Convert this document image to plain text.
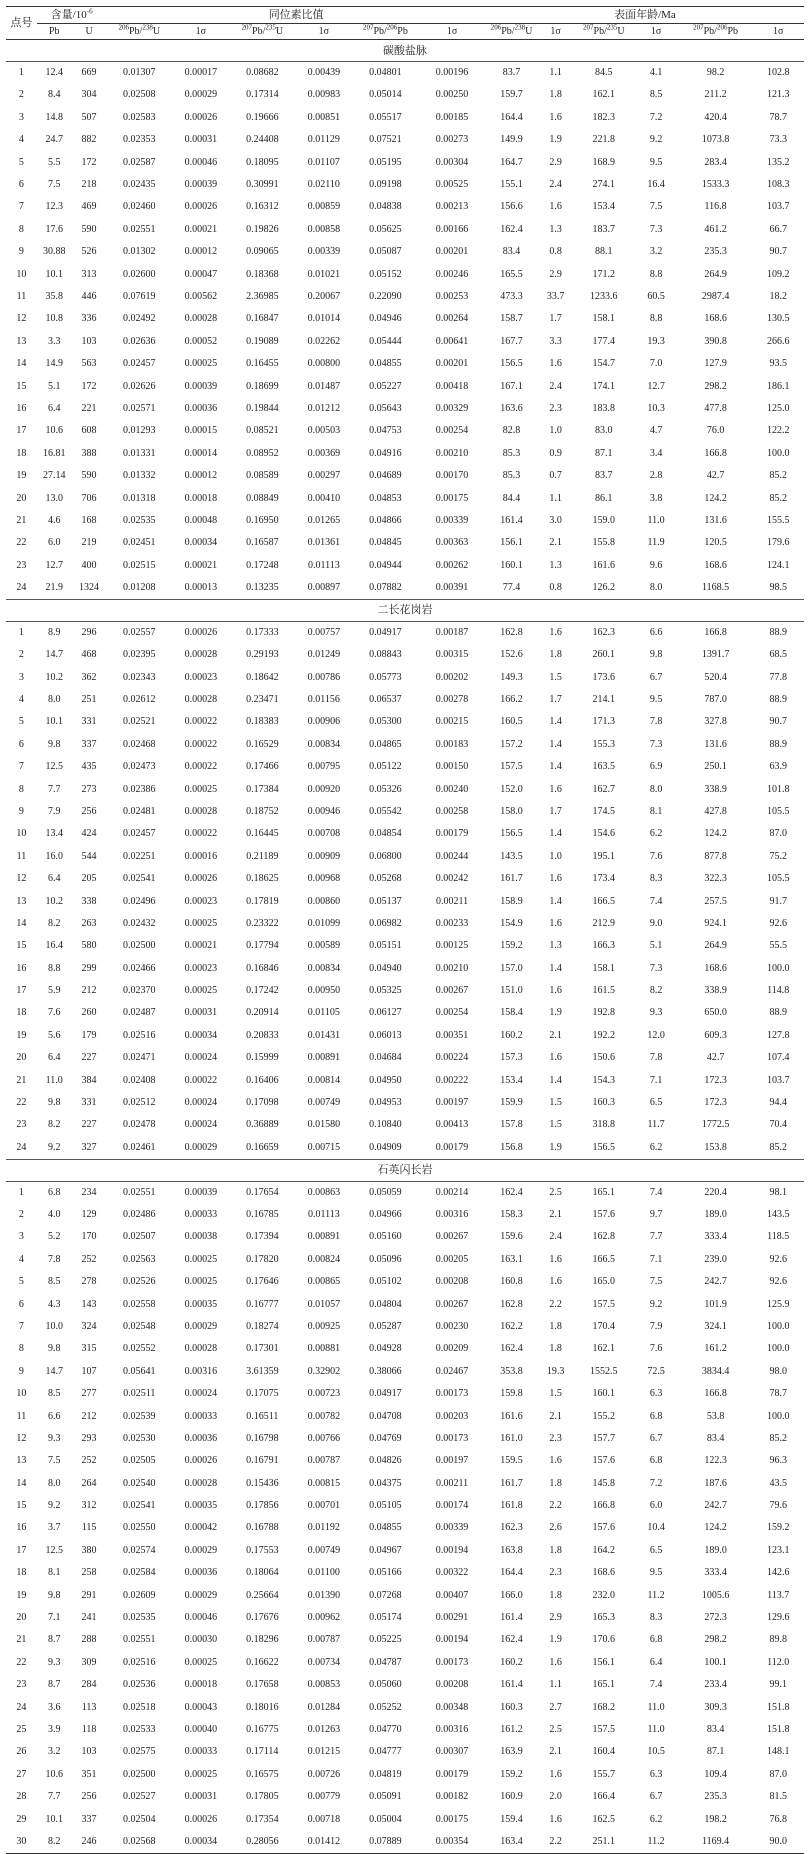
点号	含量$/10^{-6}$		同位素比值						表面年龄/Ma					
	Pb	U	$^{206}$Pb/$^{238}$U	1σ	$^{207}$Pb/$^{235}$U	1σ	$^{207}$Pb/$^{206}$Pb	1σ	$^{206}$Pb/$^{238}$U	1σ	$^{207}$Pb/$^{235}$U	1σ	$^{207}$Pb/$^{206}$Pb	1σ
碳酸盐脉														
1	12.4	669	0.01307	0.00017	0.08682	0.00439	0.04801	0.00196	83.7	1.1	84.5	4.1	98.2	102.8
2	8.4	304	0.02508	0.00029	0.17314	0.00983	0.05014	0.00250	159.7	1.8	162.1	8.5	211.2	121.3
3	14.8	507	0.02583	0.00026	0.19666	0.00851	0.05517	0.00185	164.4	1.6	182.3	7.2	420.4	78.7
4	24.7	882	0.02353	0.00031	0.24408	0.01129	0.07521	0.00273	149.9	1.9	221.8	9.2	1073.8	73.3
5	5.5	172	0.02587	0.00046	0.18095	0.01107	0.05195	0.00304	164.7	2.9	168.9	9.5	283.4	135.2
6	7.5	218	0.02435	0.00039	0.30991	0.02110	0.09198	0.00525	155.1	2.4	274.1	16.4	1533.3	108.3
7	12.3	469	0.02460	0.00026	0.16312	0.00859	0.04838	0.00213	156.6	1.6	153.4	7.5	116.8	103.7
8	17.6	590	0.02551	0.00021	0.19826	0.00858	0.05625	0.00166	162.4	1.3	183.7	7.3	461.2	66.7
9	30.88	526	0.01302	0.00012	0.09065	0.00339	0.05087	0.00201	83.4	0.8	88.1	3.2	235.3	90.7
10	10.1	313	0.02600	0.00047	0.18368	0.01021	0.05152	0.00246	165.5	2.9	171.2	8.8	264.9	109.2
11	35.8	446	0.07619	0.00562	2.36985	0.20067	0.22090	0.00253	473.3	33.7	1233.6	60.5	2987.4	18.2
12	10.8	336	0.02492	0.00028	0.16847	0.01014	0.04946	0.00264	158.7	1.7	158.1	8.8	168.6	130.5
13	3.3	103	0.02636	0.00052	0.19089	0.02262	0.05444	0.00641	167.7	3.3	177.4	19.3	390.8	266.6
14	14.9	563	0.02457	0.00025	0.16455	0.00800	0.04855	0.00201	156.5	1.6	154.7	7.0	127.9	93.5
15	5.1	172	0.02626	0.00039	0.18699	0.01487	0.05227	0.00418	167.1	2.4	174.1	12.7	298.2	186.1
16	6.4	221	0.02571	0.00036	0.19844	0.01212	0.05643	0.00329	163.6	2.3	183.8	10.3	477.8	125.0
17	10.6	608	0.01293	0.00015	0.08521	0.00503	0.04753	0.00254	82.8	1.0	83.0	4.7	76.0	122.2
18	16.81	388	0.01331	0.00014	0.08952	0.00369	0.04916	0.00210	85.3	0.9	87.1	3.4	166.8	100.0
19	27.14	590	0.01332	0.00012	0.08589	0.00297	0.04689	0.00170	85.3	0.7	83.7	2.8	42.7	85.2
20	13.0	706	0.01318	0.00018	0.08849	0.00410	0.04853	0.00175	84.4	1.1	86.1	3.8	124.2	85.2
21	4.6	168	0.02535	0.00048	0.16950	0.01265	0.04866	0.00339	161.4	3.0	159.0	11.0	131.6	155.5
22	6.0	219	0.02451	0.00034	0.16587	0.01361	0.04845	0.00363	156.1	2.1	155.8	11.9	120.5	179.6
23	12.7	400	0.02515	0.00021	0.17248	0.01113	0.04944	0.00262	160.1	1.3	161.6	9.6	168.6	124.1
24	21.9	1324	0.01208	0.00013	0.13235	0.00897	0.07882	0.00391	77.4	0.8	126.2	8.0	1168.5	98.5
二长花岗岩														
1	8.9	296	0.02557	0.00026	0.17333	0.00757	0.04917	0.00187	162.8	1.6	162.3	6.6	166.8	88.9
2	14.7	468	0.02395	0.00028	0.29193	0.01249	0.08843	0.00315	152.6	1.8	260.1	9.8	1391.7	68.5
3	10.2	362	0.02343	0.00023	0.18642	0.00786	0.05773	0.00202	149.3	1.5	173.6	6.7	520.4	77.8
4	8.0	251	0.02612	0.00028	0.23471	0.01156	0.06537	0.00278	166.2	1.7	214.1	9.5	787.0	88.9
5	10.1	331	0.02521	0.00022	0.18383	0.00906	0.05300	0.00215	160.5	1.4	171.3	7.8	327.8	90.7
6	9.8	337	0.02468	0.00022	0.16529	0.00834	0.04865	0.00183	157.2	1.4	155.3	7.3	131.6	88.9
7	12.5	435	0.02473	0.00022	0.17466	0.00795	0.05122	0.00150	157.5	1.4	163.5	6.9	250.1	63.9
8	7.7	273	0.02386	0.00025	0.17384	0.00920	0.05326	0.00240	152.0	1.6	162.7	8.0	338.9	101.8
9	7.9	256	0.02481	0.00028	0.18752	0.00946	0.05542	0.00258	158.0	1.7	174.5	8.1	427.8	105.5
10	13.4	424	0.02457	0.00022	0.16445	0.00708	0.04854	0.00179	156.5	1.4	154.6	6.2	124.2	87.0
11	16.0	544	0.02251	0.00016	0.21189	0.00909	0.06800	0.00244	143.5	1.0	195.1	7.6	877.8	75.2
12	6.4	205	0.02541	0.00026	0.18625	0.00968	0.05268	0.00242	161.7	1.6	173.4	8.3	322.3	105.5
13	10.2	338	0.02496	0.00023	0.17819	0.00860	0.05137	0.00211	158.9	1.4	166.5	7.4	257.5	91.7
14	8.2	263	0.02432	0.00025	0.23322	0.01099	0.06982	0.00233	154.9	1.6	212.9	9.0	924.1	92.6
15	16.4	580	0.02500	0.00021	0.17794	0.00589	0.05151	0.00125	159.2	1.3	166.3	5.1	264.9	55.5
16	8.8	299	0.02466	0.00023	0.16846	0.00834	0.04940	0.00210	157.0	1.4	158.1	7.3	168.6	100.0
17	5.9	212	0.02370	0.00025	0.17242	0.00950	0.05325	0.00267	151.0	1.6	161.5	8.2	338.9	114.8
18	7.6	260	0.02487	0.00031	0.20914	0.01105	0.06127	0.00254	158.4	1.9	192.8	9.3	650.0	88.9
19	5.6	179	0.02516	0.00034	0.20833	0.01431	0.06013	0.00351	160.2	2.1	192.2	12.0	609.3	127.8
20	6.4	227	0.02471	0.00024	0.15999	0.00891	0.04684	0.00224	157.3	1.6	150.6	7.8	42.7	107.4
21	11.0	384	0.02408	0.00022	0.16406	0.00814	0.04950	0.00222	153.4	1.4	154.3	7.1	172.3	103.7
22	9.8	331	0.02512	0.00024	0.17098	0.00749	0.04953	0.00197	159.9	1.5	160.3	6.5	172.3	94.4
23	8.2	227	0.02478	0.00024	0.36889	0.01580	0.10840	0.00413	157.8	1.5	318.8	11.7	1772.5	70.4
24	9.2	327	0.02461	0.00029	0.16659	0.00715	0.04909	0.00179	156.8	1.9	156.5	6.2	153.8	85.2
石英闪长岩														
1	6.8	234	0.02551	0.00039	0.17654	0.00863	0.05059	0.00214	162.4	2.5	165.1	7.4	220.4	98.1
2	4.0	129	0.02486	0.00033	0.16785	0.01113	0.04966	0.00316	158.3	2.1	157.6	9.7	189.0	143.5
3	5.2	170	0.02507	0.00038	0.17394	0.00891	0.05160	0.00267	159.6	2.4	162.8	7.7	333.4	118.5
4	7.8	252	0.02563	0.00025	0.17820	0.00824	0.05096	0.00205	163.1	1.6	166.5	7.1	239.0	92.6
5	8.5	278	0.02526	0.00025	0.17646	0.00865	0.05102	0.00208	160.8	1.6	165.0	7.5	242.7	92.6
6	4.3	143	0.02558	0.00035	0.16777	0.01057	0.04804	0.00267	162.8	2.2	157.5	9.2	101.9	125.9
7	10.0	324	0.02548	0.00029	0.18274	0.00925	0.05287	0.00230	162.2	1.8	170.4	7.9	324.1	100.0
8	9.8	315	0.02552	0.00028	0.17301	0.00881	0.04928	0.00209	162.4	1.8	162.1	7.6	161.2	100.0
9	14.7	107	0.05641	0.00316	3.61359	0.32902	0.38066	0.02467	353.8	19.3	1552.5	72.5	3834.4	98.0
10	8.5	277	0.02511	0.00024	0.17075	0.00723	0.04917	0.00173	159.8	1.5	160.1	6.3	166.8	78.7
11	6.6	212	0.02539	0.00033	0.16511	0.00782	0.04708	0.00203	161.6	2.1	155.2	6.8	53.8	100.0
12	9.3	293	0.02530	0.00036	0.16798	0.00766	0.04769	0.00173	161.0	2.3	157.7	6.7	83.4	85.2
13	7.5	252	0.02505	0.00026	0.16791	0.00787	0.04826	0.00197	159.5	1.6	157.6	6.8	122.3	96.3
14	8.0	264	0.02540	0.00028	0.15436	0.00815	0.04375	0.00211	161.7	1.8	145.8	7.2	187.6	43.5
15	9.2	312	0.02541	0.00035	0.17856	0.00701	0.05105	0.00174	161.8	2.2	166.8	6.0	242.7	79.6
16	3.7	115	0.02550	0.00042	0.16788	0.01192	0.04855	0.00339	162.3	2.6	157.6	10.4	124.2	159.2
17	12.5	380	0.02574	0.00029	0.17553	0.00749	0.04967	0.00194	163.8	1.8	164.2	6.5	189.0	123.1
18	8.1	258	0.02584	0.00036	0.18064	0.01100	0.05166	0.00322	164.4	2.3	168.6	9.5	333.4	142.6
19	9.8	291	0.02609	0.00029	0.25664	0.01390	0.07268	0.00407	166.0	1.8	232.0	11.2	1005.6	113.7
20	7.1	241	0.02535	0.00046	0.17676	0.00962	0.05174	0.00291	161.4	2.9	165.3	8.3	272.3	129.6
21	8.7	288	0.02551	0.00030	0.18296	0.00787	0.05225	0.00194	162.4	1.9	170.6	6.8	298.2	89.8
22	9.3	309	0.02516	0.00025	0.16622	0.00734	0.04787	0.00173	160.2	1.6	156.1	6.4	100.1	112.0
23	8.7	284	0.02536	0.00018	0.17658	0.00853	0.05060	0.00208	161.4	1.1	165.1	7.4	233.4	99.1
24	3.6	113	0.02518	0.00043	0.18016	0.01284	0.05252	0.00348	160.3	2.7	168.2	11.0	309.3	151.8
25	3.9	118	0.02533	0.00040	0.16775	0.01263	0.04770	0.00316	161.2	2.5	157.5	11.0	83.4	151.8
26	3.2	103	0.02575	0.00033	0.17114	0.01215	0.04777	0.00307	163.9	2.1	160.4	10.5	87.1	148.1
27	10.6	351	0.02500	0.00025	0.16575	0.00726	0.04819	0.00179	159.2	1.6	155.7	6.3	109.4	87.0
28	7.7	256	0.02527	0.00031	0.17805	0.00779	0.05091	0.00182	160.9	2.0	166.4	6.7	235.3	81.5
29	10.1	337	0.02504	0.00026	0.17354	0.00718	0.05004	0.00175	159.4	1.6	162.5	6.2	198.2	76.8
30	8.2	246	0.02568	0.00034	0.28056	0.01412	0.07889	0.00354	163.4	2.2	251.1	11.2	1169.4	90.0
